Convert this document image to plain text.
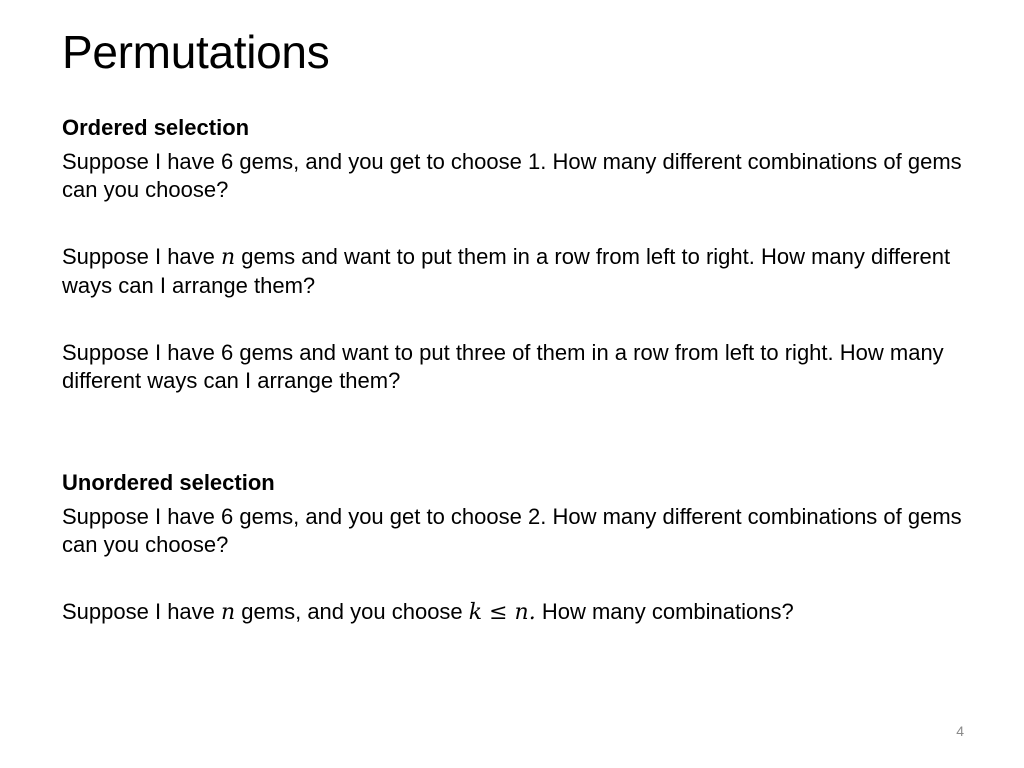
Permutations
Ordered selection

Suppose I have 6 gems, and you get to choose 1. How many different combinations of gems can you choose?

Suppose I have n gems and want to put them in a row from left to right. How many different ways can I arrange them?

Suppose I have 6 gems and want to put three of them in a row from left to right. How many different ways can I arrange them?

Unordered selection

Suppose I have 6 gems, and you get to choose 2. How many different combinations of gems can you choose?

Suppose I have n gems, and you choose k ≤ n. How many combinations?

4
